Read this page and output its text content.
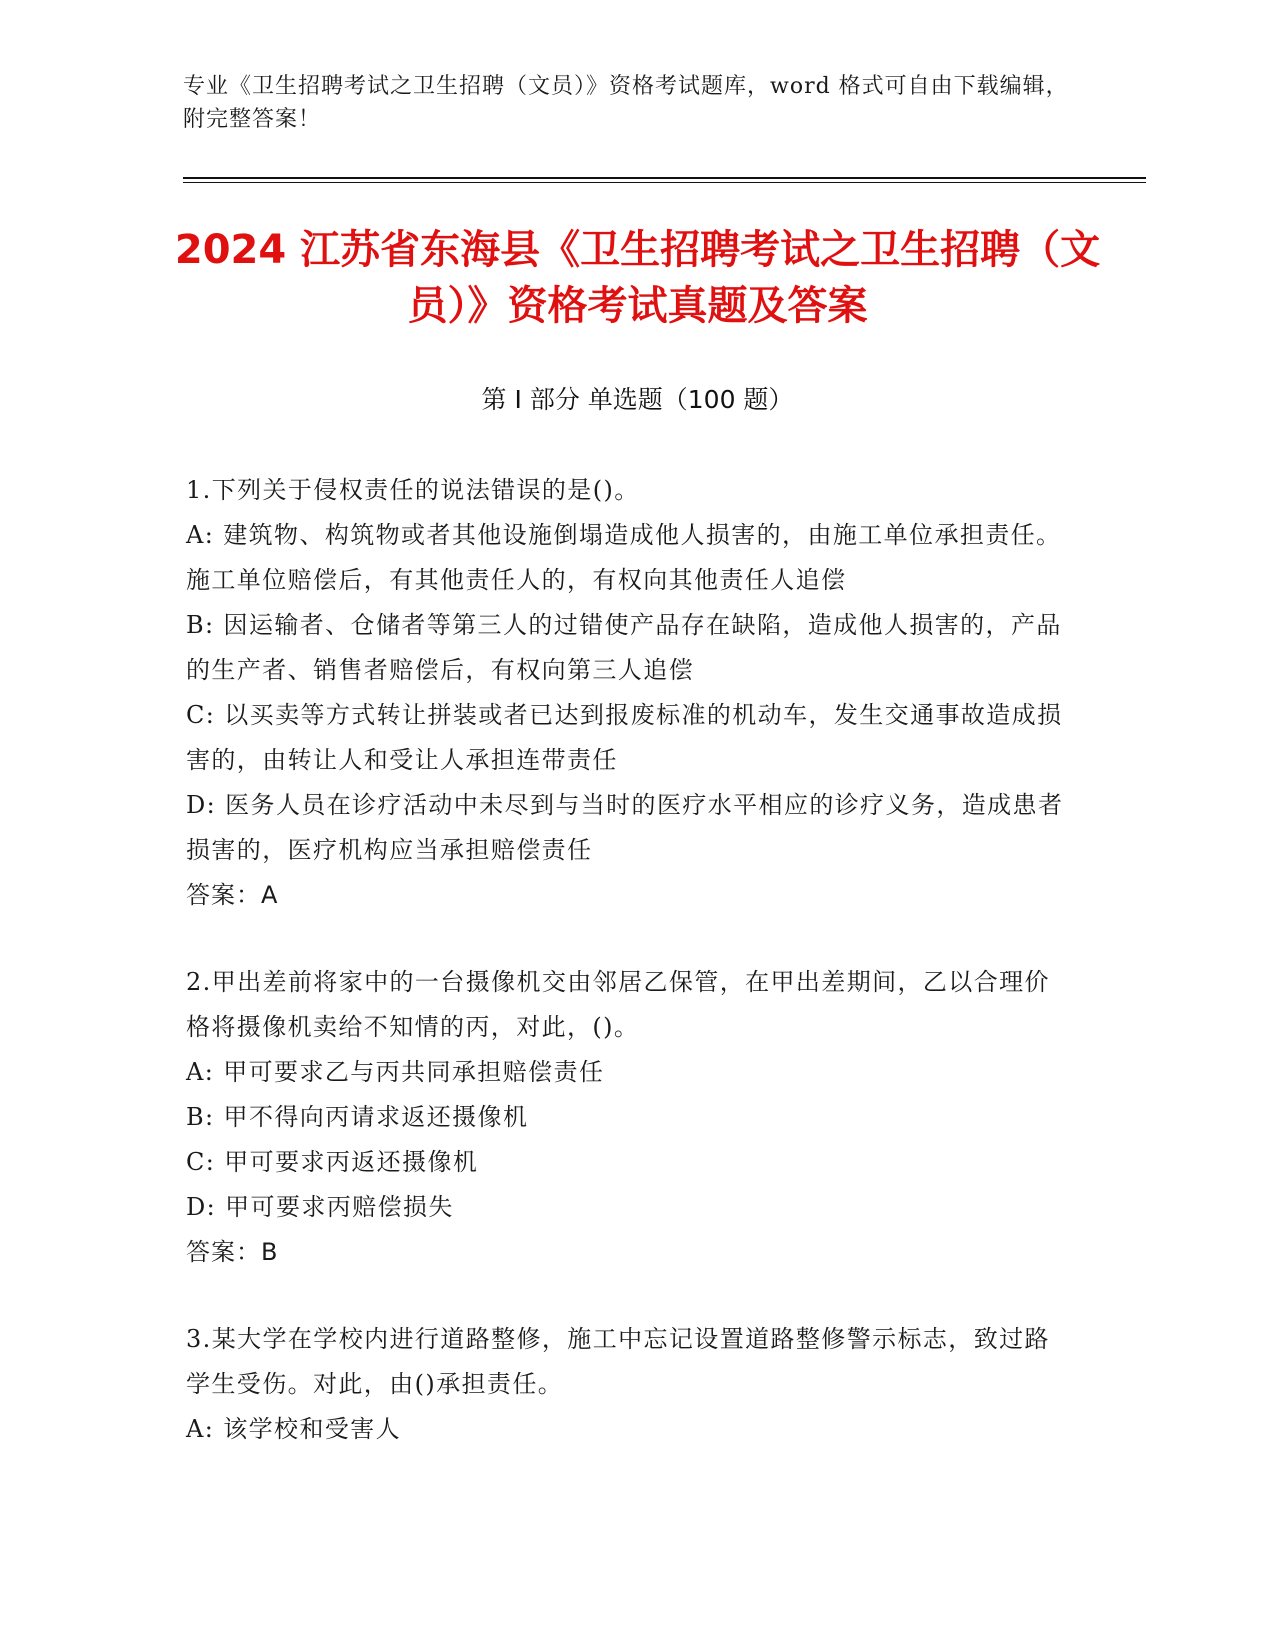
专业《卫生招聘考试之卫生招聘（文员）》资格考试题库，word 格式可自由下载编辑，附完整答案！
2024 江苏省东海县《卫生招聘考试之卫生招聘（文员）》资格考试真题及答案
第 I 部分 单选题（100 题）
1.下列关于侵权责任的说法错误的是()。
A: 建筑物、构筑物或者其他设施倒塌造成他人损害的，由施工单位承担责任。施工单位赔偿后，有其他责任人的，有权向其他责任人追偿
B: 因运输者、仓储者等第三人的过错使产品存在缺陷，造成他人损害的，产品的生产者、销售者赔偿后，有权向第三人追偿
C: 以买卖等方式转让拼装或者已达到报废标准的机动车，发生交通事故造成损害的，由转让人和受让人承担连带责任
D: 医务人员在诊疗活动中未尽到与当时的医疗水平相应的诊疗义务，造成患者损害的，医疗机构应当承担赔偿责任
答案：A
2.甲出差前将家中的一台摄像机交由邻居乙保管，在甲出差期间，乙以合理价格将摄像机卖给不知情的丙，对此，()。
A: 甲可要求乙与丙共同承担赔偿责任
B: 甲不得向丙请求返还摄像机
C: 甲可要求丙返还摄像机
D: 甲可要求丙赔偿损失
答案：B
3.某大学在学校内进行道路整修，施工中忘记设置道路整修警示标志，致过路学生受伤。对此，由()承担责任。
A: 该学校和受害人
